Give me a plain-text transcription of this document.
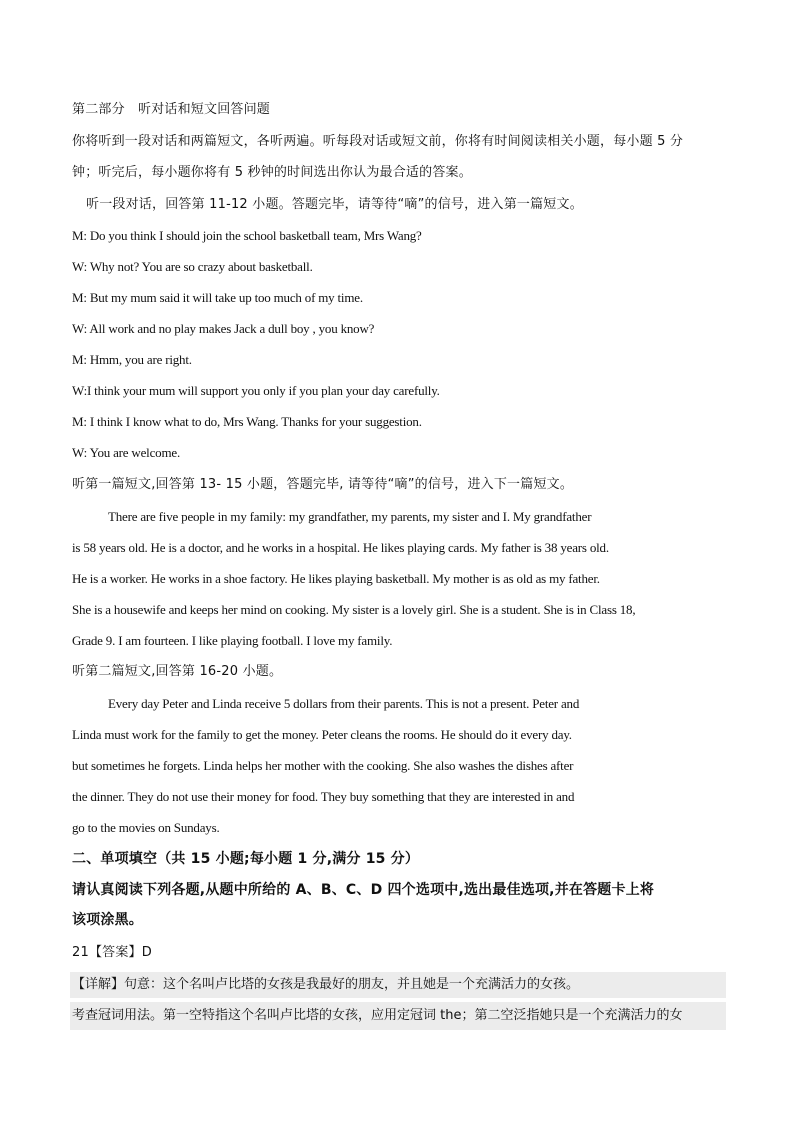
第二部分　听对话和短文回答问题
你将听到一段对话和两篇短文，各听两遍。听每段对话或短文前，你将有时间阅读相关小题，每小题 5 分
钟；听完后，每小题你将有 5 秒钟的时间选出你认为最合适的答案。
听一段对话，回答第 11-12 小题。答题完毕，请等待“嘀”的信号，进入第一篇短文。
M: Do you think I should join the school basketball team, Mrs Wang?
W: Why not? You are so crazy about basketball.
M: But my mum said it will take up too much of my time.
W: All work and no play makes Jack a dull boy , you know?
M: Hmm, you are right.
W:I think your mum will support you only if you plan your day carefully.
M: I think I know what to do, Mrs Wang. Thanks for your suggestion.
W: You are welcome.
听第一篇短文,回答第 13- 15 小题，答题完毕, 请等待“嘀”的信号，进入下一篇短文。
There are five people in my family: my grandfather, my parents, my sister and I. My grandfather
is 58 years old. He is a doctor, and he works in a hospital. He likes playing cards. My father is 38 years old.
He is a worker. He works in a shoe factory. He likes playing basketball. My mother is as old as my father.
She is a housewife and keeps her mind on cooking. My sister is a lovely girl. She is a student. She is in Class 18,
Grade 9. I am fourteen. I like playing football. I love my family.
听第二篇短文,回答第 16-20 小题。
Every day Peter and Linda receive 5 dollars from their parents. This is not a present. Peter and
Linda must work for the family to get the money. Peter cleans the rooms. He should do it every day.
but sometimes he forgets. Linda helps her mother with the cooking. She also washes the dishes after
the dinner. They do not use their money for food. They buy something that they are interested in and
go to the movies on Sundays.
二、单项填空（共 15 小题;每小题 1 分,满分 15 分）
请认真阅读下列各题,从题中所给的 A、B、C、D 四个选项中,选出最佳选项,并在答题卡上将
该项涂黑。
21【答案】D
【详解】句意：这个名叫卢比塔的女孩是我最好的朋友，并且她是一个充满活力的女孩。
考查冠词用法。第一空特指这个名叫卢比塔的女孩，应用定冠词 the；第二空泛指她只是一个充满活力的女
